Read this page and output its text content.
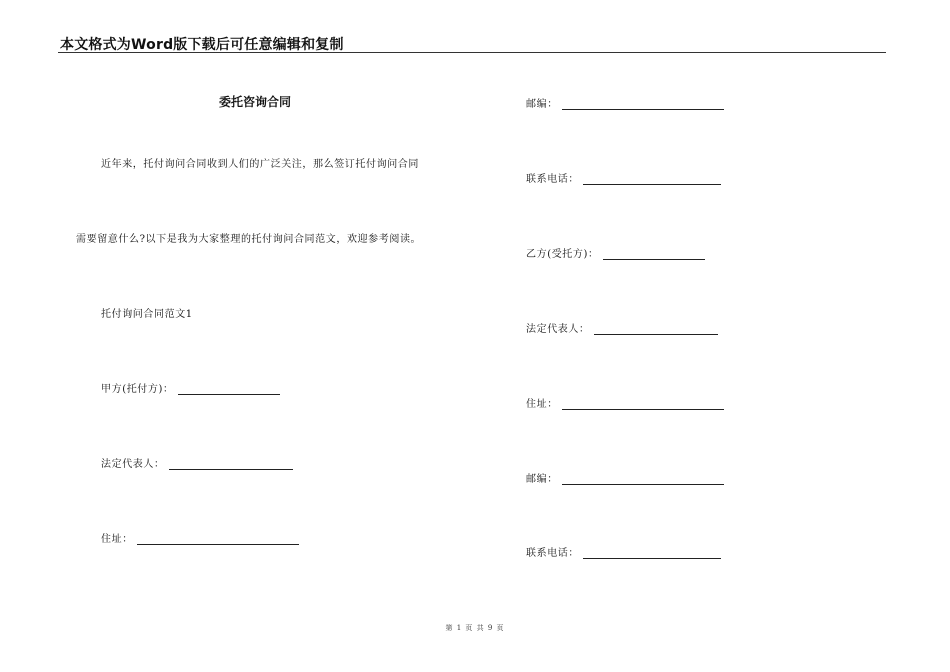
本文格式为Word版下载后可任意编辑和复制
委托咨询合同
近年来，托付询问合同收到人们的广泛关注，那么签订托付询问合同
需要留意什么?以下是我为大家整理的托付询问合同范文，欢迎参考阅读。
托付询问合同范文1
甲方(托付方)：
法定代表人：
住址：
邮编：
联系电话：
乙方(受托方)：
法定代表人：
住址：
邮编：
联系电话：
第 1 页 共 9 页
